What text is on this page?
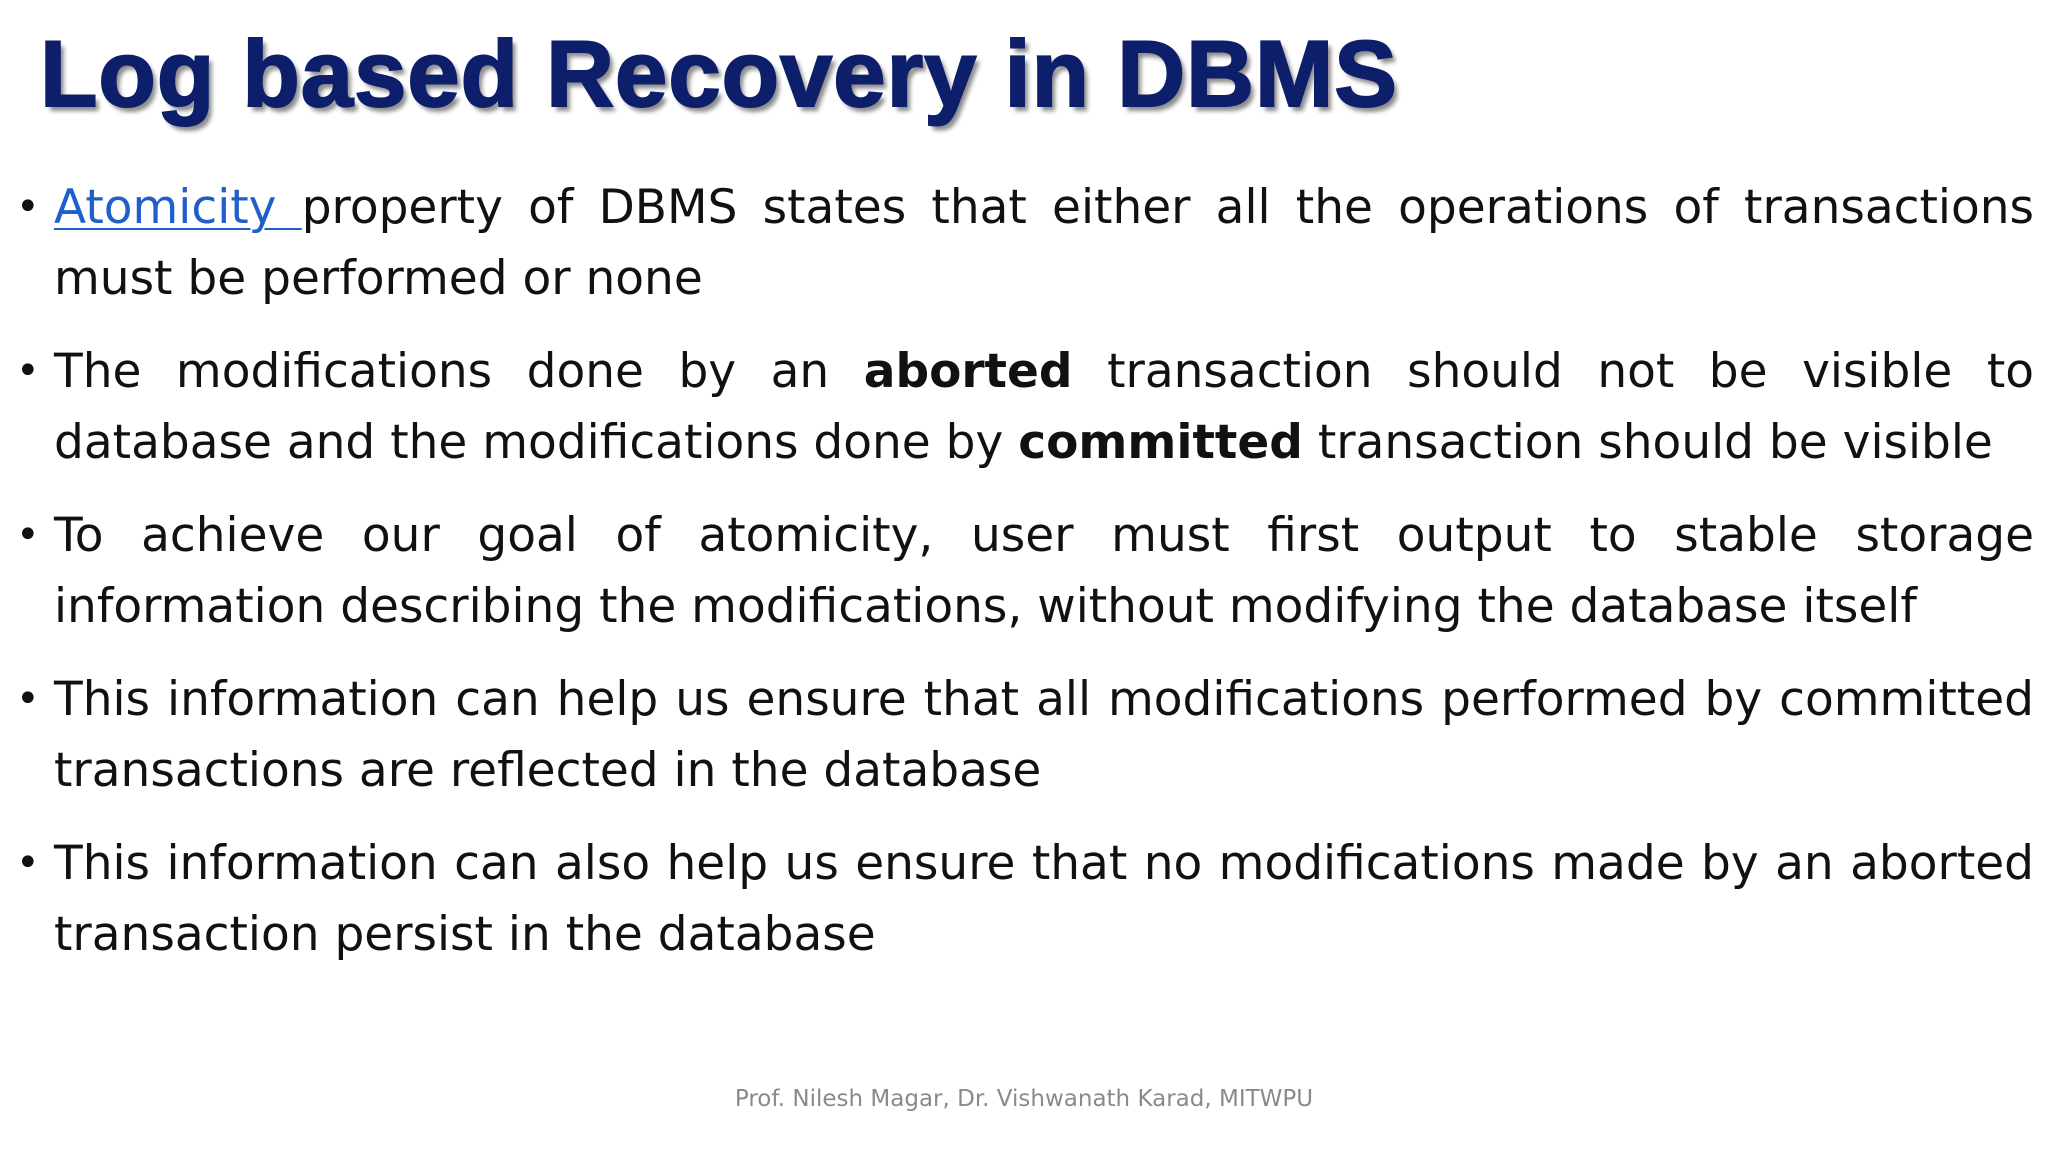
Log based Recovery in DBMS
• Atomicity property of DBMS states that either all the operations of transactions must be performed or none
• The modifications done by an aborted transaction should not be visible to database and the modifications done by committed transaction should be visible
• To achieve our goal of atomicity, user must first output to stable storage information describing the modifications, without modifying the database itself
• This information can help us ensure that all modifications performed by committed transactions are reflected in the database
• This information can also help us ensure that no modifications made by an aborted transaction persist in the database
Prof. Nilesh Magar, Dr. Vishwanath Karad, MITWPU
